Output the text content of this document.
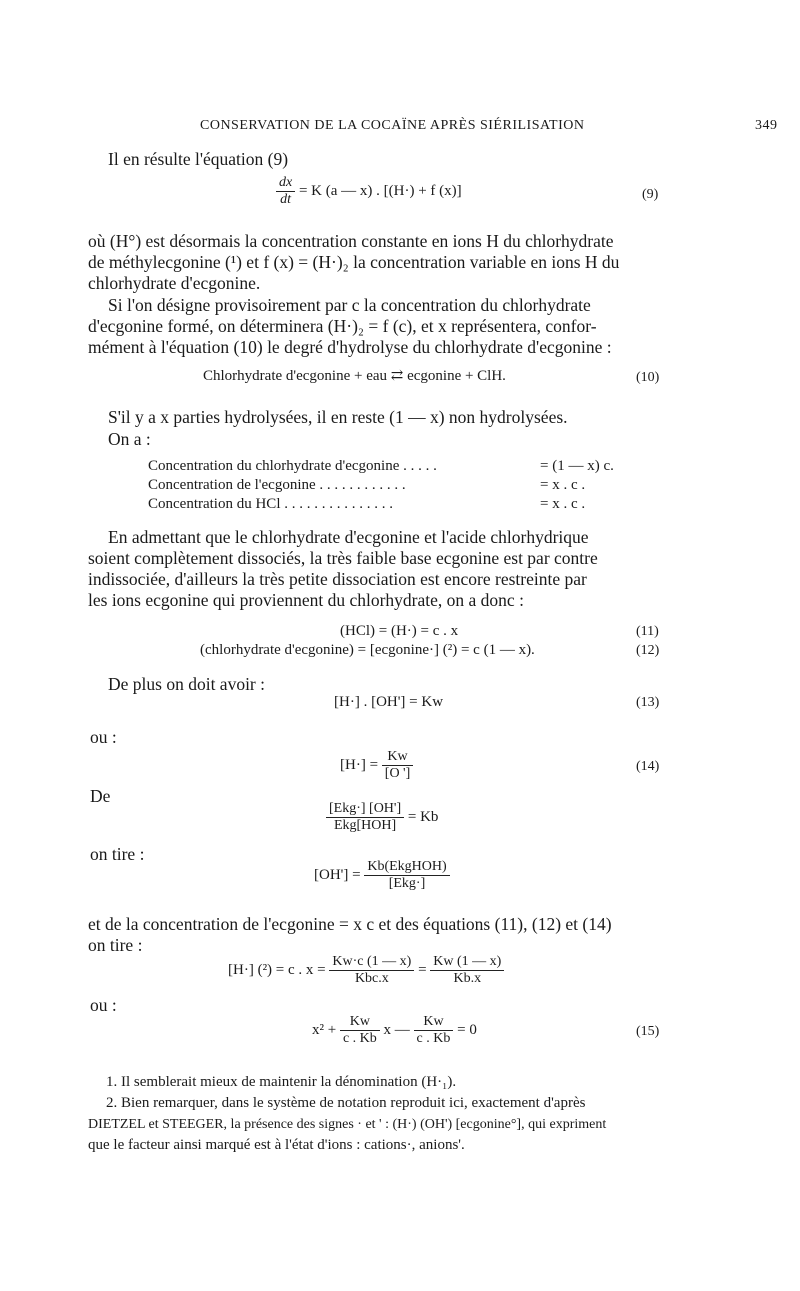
CONSERVATION DE LA COCAÏNE APRÈS SIÉRILISATION	349
Il en résulte l'équation (9)
$\frac{dx}{dt} = K$ (a — x) . [(H·) + f (x)]	(9)
où (H°) est désormais la concentration constante en ions H du chlorhydrate
de méthylecgonine (¹) et f (x) = (H·)₂ la concentration variable en ions H du
chlorhydrate d'ecgonine.
Si l'on désigne provisoirement par c la concentration du chlorhydrate
d'ecgonine formé, on déterminera (H·)₂ = f (c), et x représentera, confor-
mément à l'équation (10) le degré d'hydrolyse du chlorhydrate d'ecgonine :
Chlorhydrate d'ecgonine + eau ⇄ ecgonine + ClH.	(10)
S'il y a x parties hydrolysées, il en reste (1 — x) non hydrolysées.
On a :
Concentration du chlorhydrate d'ecgonine . . . . .	= (1 — x) c.
Concentration de l'ecgonine . . . . . . . . . . . .	= x . c .
Concentration du HCl . . . . . . . . . . . . . . .	= x . c .
En admettant que le chlorhydrate d'ecgonine et l'acide chlorhydrique
soient complètement dissociés, la très faible base ecgonine est par contre
indissociée, d'ailleurs la très petite dissociation est encore restreinte par
les ions ecgonine qui proviennent du chlorhydrate, on a donc :
(HCl) = (H·) = c . x	(11)
(chlorhydrate d'ecgonine) = [ecgonine·] (²) = c (1 — x).	(12)
De plus on doit avoir :
[H·] . [OH'] = Kw	(13)
ou :
$[H\cdot] = \frac{Kw}{[O ']}$	(14)
De
$\frac{\text{[Ekg·] [OH']}}{\text{Ekg[HOH]}} = Kb$
on tire :
$[OH'] = \frac{\text{Kb(EkgHOH)}}{\text{[Ekg·]}}$
et de la concentration de l'ecgonine = x c et des équations (11), (12) et (14)
on tire :
[H·] (²) = c . $x = \frac{Kw\cdot c (1 — x)}{\text{Kbc.x}} = \frac{Kw (1 — x)}{Kb.x}$
ou :
$x^2 + \frac{Kw}{c . Kb}$ x — $\frac{Kw}{c . Kb} = 0$	(15)
1. Il semblerait mieux de maintenir la dénomination (H·₁).
2. Bien remarquer, dans le système de notation reproduit ici, exactement d'après
DIETZEL et STEEGER, la présence des signes · et ' : (H·) (OH') [ecgonine°], qui expriment
que le facteur ainsi marqué est à l'état d'ions : cations·, anions'.
